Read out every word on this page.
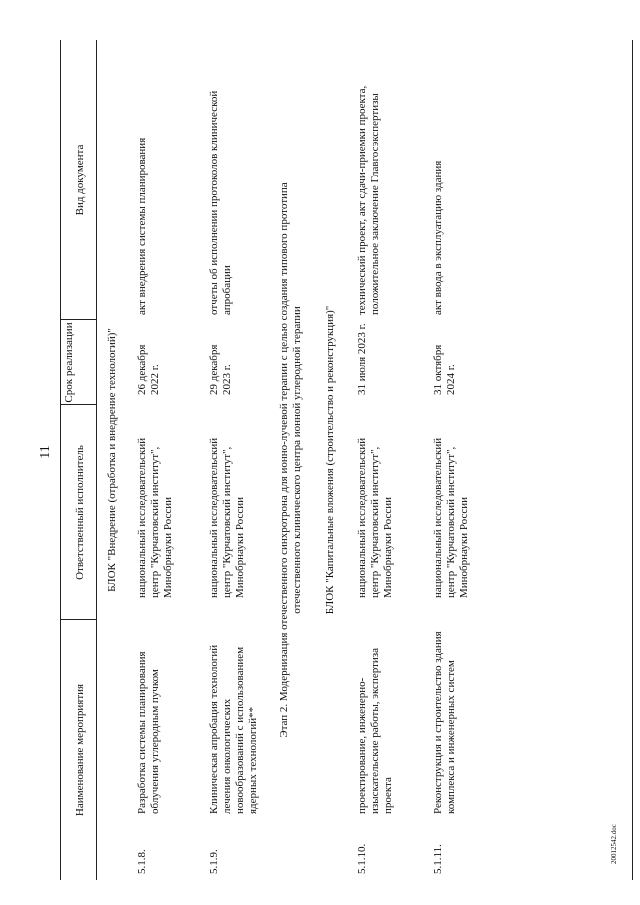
11
20012542.doc
Наименование мероприятия
Ответственный исполнитель
Срок реализации
Вид документа
БЛОК "Внедрение (отработка и внедрение технологий)"
5.1.8.
Разработка системы планирования облучения углеродным пучком
национальный исследовательский центр "Курчатовский институт", Минобрнауки России
26 декабря 2022 г.
акт внедрения системы планирования
5.1.9.
Клиническая апробация технологий лечения онкологических новообразований с использованием ядерных технологий**
национальный исследовательский центр "Курчатовский институт", Минобрнауки России
29 декабря 2023 г.
отчеты об исполнении протоколов клинической апробации	Этап 2. Модернизация отечественного синхротрона для ионно-лучевой терапии с целью создания типового прототипа отечественного клинического центра ионной углеродной терапии БЛОК "Капитальные вложения (строительство и реконструкция)"
5.1.10.
проектирование, инженерно-изыскательские работы, экспертиза проекта
национальный исследовательский центр "Курчатовский институт", Минобрнауки России
31 июля 2023 г.
технический проект, акт сдачи-приемки проекта, положительное заключение Главгосэкспертизы
5.1.11.
Реконструкция и строительство здания комплекса и инженерных систем
национальный исследовательский центр "Курчатовский институт", Минобрнауки России
31 октября 2024 г.
акт ввода в эксплуатацию здания
